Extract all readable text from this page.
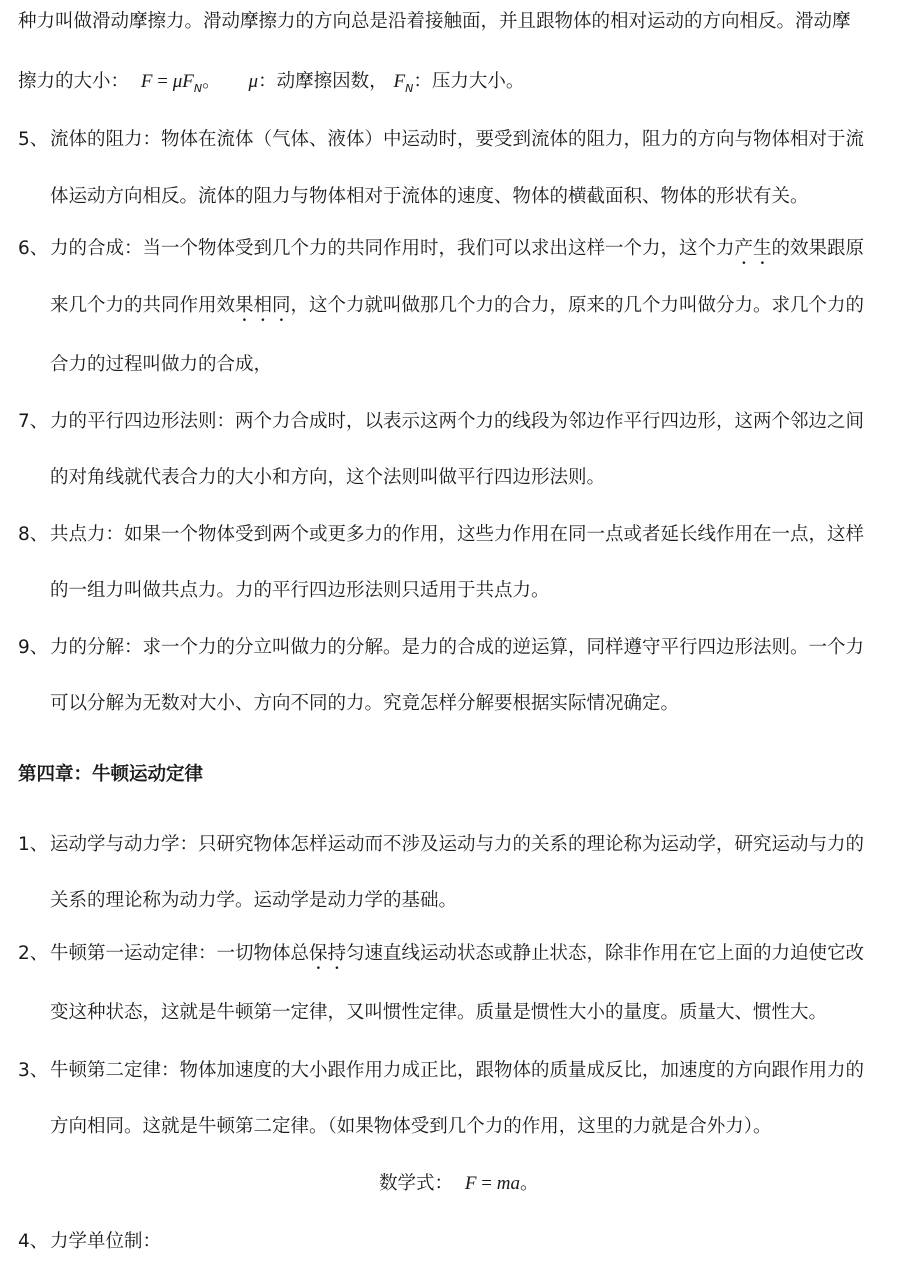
种力叫做滑动摩擦力。滑动摩擦力的方向总是沿着接触面，并且跟物体的相对运动的方向相反。滑动摩
擦力的大小： $F = \mu F_N$。 μ：动摩擦因数， $F_N$：压力大小。
5、 流体的阻力：物体在流体（气体、液体）中运动时，要受到流体的阻力，阻力的方向与物体相对于流
体运动方向相反。流体的阻力与物体相对于流体的速度、物体的横截面积、物体的形状有关。
6、 力的合成：当一个物体受到几个力的共同作用时，我们可以求出这样一个力，这个力产生的效果跟原
来几个力的共同作用效果相同，这个力就叫做那几个力的合力，原来的几个力叫做分力。求几个力的
合力的过程叫做力的合成，
7、 力的平行四边形法则：两个力合成时，以表示这两个力的线段为邻边作平行四边形，这两个邻边之间
的对角线就代表合力的大小和方向，这个法则叫做平行四边形法则。
8、 共点力：如果一个物体受到两个或更多力的作用，这些力作用在同一点或者延长线作用在一点，这样
的一组力叫做共点力。力的平行四边形法则只适用于共点力。
9、 力的分解：求一个力的分立叫做力的分解。是力的合成的逆运算，同样遵守平行四边形法则。一个力
可以分解为无数对大小、方向不同的力。究竟怎样分解要根据实际情况确定。
第四章：牛顿运动定律
1、 运动学与动力学：只研究物体怎样运动而不涉及运动与力的关系的理论称为运动学，研究运动与力的
关系的理论称为动力学。运动学是动力学的基础。
2、 牛顿第一运动定律：一切物体总保持匀速直线运动状态或静止状态，除非作用在它上面的力迫使它改
变这种状态，这就是牛顿第一定律，又叫惯性定律。质量是惯性大小的量度。质量大、惯性大。
3、 牛顿第二定律：物体加速度的大小跟作用力成正比，跟物体的质量成反比，加速度的方向跟作用力的
方向相同。这就是牛顿第二定律。（如果物体受到几个力的作用，这里的力就是合外力）。
数学式： F = ma。
4、 力学单位制：
